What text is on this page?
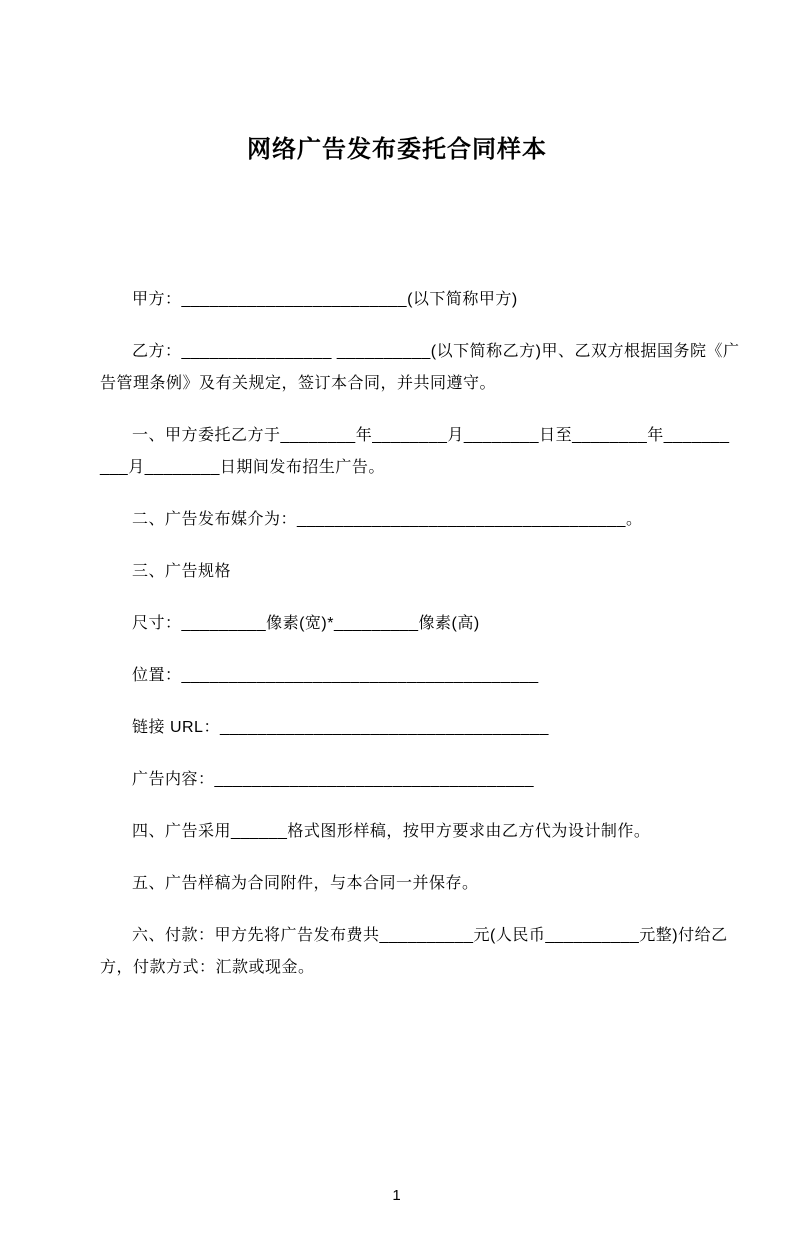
网络广告发布委托合同样本
甲方：________________________(以下简称甲方)
乙方：________________ __________(以下简称乙方)甲、乙双方根据国务院《广
告管理条例》及有关规定，签订本合同，并共同遵守。
一、甲方委托乙方于________年________月________日至________年_______
___月________日期间发布招生广告。
二、广告发布媒介为：___________________________________。
三、广告规格
尺寸：_________像素(宽)*_________像素(高)
位置：______________________________________
链接 URL：___________________________________
广告内容：__________________________________
四、广告采用______格式图形样稿，按甲方要求由乙方代为设计制作。
五、广告样稿为合同附件，与本合同一并保存。
六、付款：甲方先将广告发布费共__________元(人民币__________元整)付给乙
方，付款方式：汇款或现金。
1
